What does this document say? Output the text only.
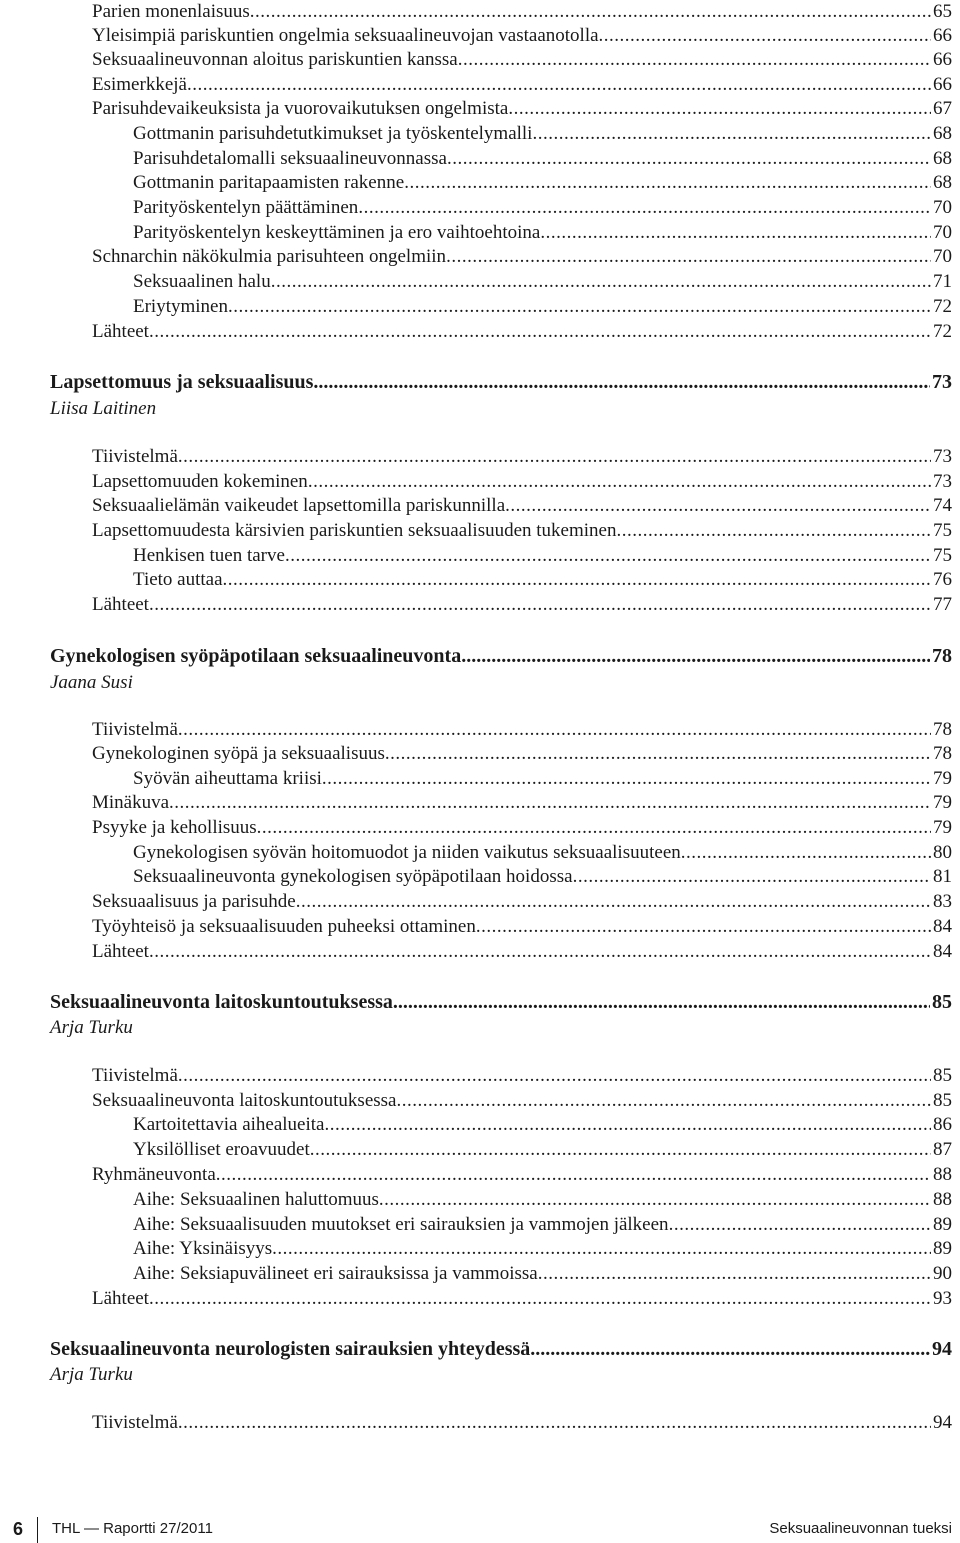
Parien monenlaisuus .....	65
Yleisimpiä pariskuntien ongelmia seksuaalineuvojan vastaanotolla .....	66
Seksuaalineuvonnan aloitus pariskuntien kanssa .....	66
Esimerkkejä .....	66
Parisuhdevaikeuksista ja vuorovaikutuksen ongelmista .....	67
Gottmanin parisuhdetutkimukset ja työskentelymalli .....	68
Parisuhdetalomalli seksuaalineuvonnassa .....	68
Gottmanin paritapaamisten rakenne .....	68
Parityöskentelyn päättäminen .....	70
Parityöskentelyn keskeyttäminen ja ero vaihtoehtoina .....	70
Schnarchin näkökulmia parisuhteen ongelmiin .....	70
Seksuaalinen halu .....	71
Eriytyminen .....	72
Lähteet .....	72
Lapsettomuus ja seksuaalisuus .....	73
Liisa Laitinen
Tiivistelmä .....	73
Lapsettomuuden kokeminen .....	73
Seksuaalielämän vaikeudet lapsettomilla pariskunnilla .....	74
Lapsettomuudesta kärsivien pariskuntien seksuaalisuuden tukeminen .....	75
Henkisen tuen tarve .....	75
Tieto auttaa .....	76
Lähteet .....	77
Gynekologisen syöpäpotilaan seksuaalineuvonta .....	78
Jaana Susi
Tiivistelmä .....	78
Gynekologinen syöpä ja seksuaalisuus .....	78
Syövän aiheuttama kriisi .....	79
Minäkuva .....	79
Psyyke ja kehollisuus .....	79
Gynekologisen syövän hoitomuodot ja niiden vaikutus seksuaalisuuteen .....	80
Seksuaalineuvonta gynekologisen syöpäpotilaan hoidossa .....	81
Seksuaalisuus ja parisuhde .....	83
Työyhteisö ja seksuaalisuuden puheeksi ottaminen .....	84
Lähteet .....	84
Seksuaalineuvonta laitoskuntoutuksessa .....	85
Arja Turku
Tiivistelmä .....	85
Seksuaalineuvonta laitoskuntoutuksessa .....	85
Kartoitettavia aihealueita .....	86
Yksilölliset eroavuudet .....	87
Ryhmäneuvonta .....	88
Aihe: Seksuaalinen haluttomuus .....	88
Aihe: Seksuaalisuuden muutokset eri sairauksien ja vammojen jälkeen .....	89
Aihe: Yksinäisyys .....	89
Aihe: Seksiapuvälineet eri sairauksissa ja vammoissa .....	90
Lähteet .....	93
Seksuaalineuvonta neurologisten sairauksien yhteydessä .....	94
Arja Turku
Tiivistelmä .....	94
6	THL — Raportti 27/2011	Seksuaalineuvonnan tueksi
